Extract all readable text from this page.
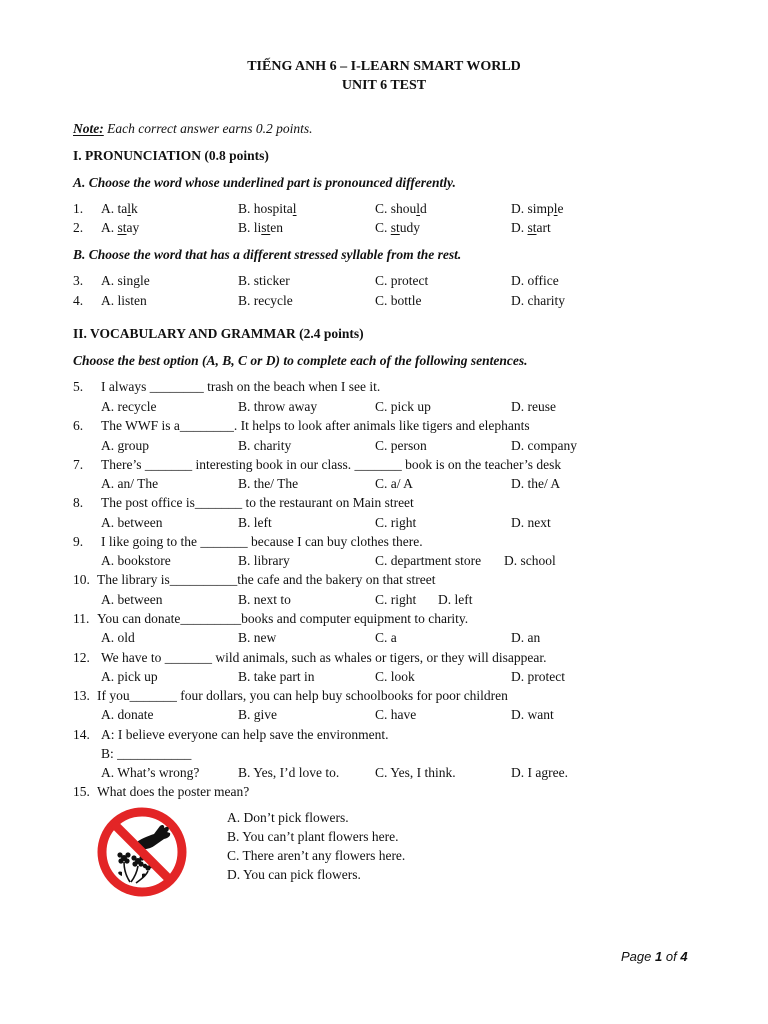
TIẾNG ANH 6 – I-LEARN SMART WORLD
UNIT 6 TEST
Note: Each correct answer earns 0.2 points.
I. PRONUNCIATION (0.8 points)
A. Choose the word whose underlined part is pronounced differently.
1. A. talk	B. hospital	C. should	D. simple
2. A. stay	B. listen	C. study	D. start
B. Choose the word that has a different stressed syllable from the rest.
3. A. single	B. sticker	C. protect	D. office
4. A. listen	B. recycle	C. bottle	D. charity
II. VOCABULARY AND GRAMMAR (2.4 points)
Choose the best option (A, B, C or D) to complete each of the following sentences.
5. I always ________ trash on the beach when I see it.
A. recycle	B. throw away	C. pick up	D. reuse
6. The WWF is a________. It helps to look after animals like tigers and elephants
A. group	B. charity	C. person	D. company
7. There’s _______ interesting book in our class. _______ book is on the teacher’s desk
A. an/ The	B. the/ The	C. a/ A	D. the/ A
8. The post office is_______ to the restaurant on Main street
A. between	B. left	C. right	D. next
9. I like going to the _______ because I can buy clothes there.
A. bookstore	B. library	C. department store D. school
10. The library is__________the cafe and the bakery on that street
A. between	B. next to	C. right D. left
11. You can donate_________books and computer equipment to charity.
A. old	B. new	C. a	D. an
12. We have to _______ wild animals, such as whales or tigers, or they will disappear.
A. pick up	B. take part in	C. look	D. protect
13. If you_______ four dollars, you can help buy schoolbooks for poor children
A. donate	B. give	C. have	D. want
14. A: I believe everyone can help save the environment.
B: ___________
A. What’s wrong?	B. Yes, I’d love to.	C. Yes, I think.	D. I agree.
15. What does the poster mean?
A. Don’t pick flowers.
B. You can’t plant flowers here.
C. There aren’t any flowers here.
D. You can pick flowers.
Page 1 of 4
